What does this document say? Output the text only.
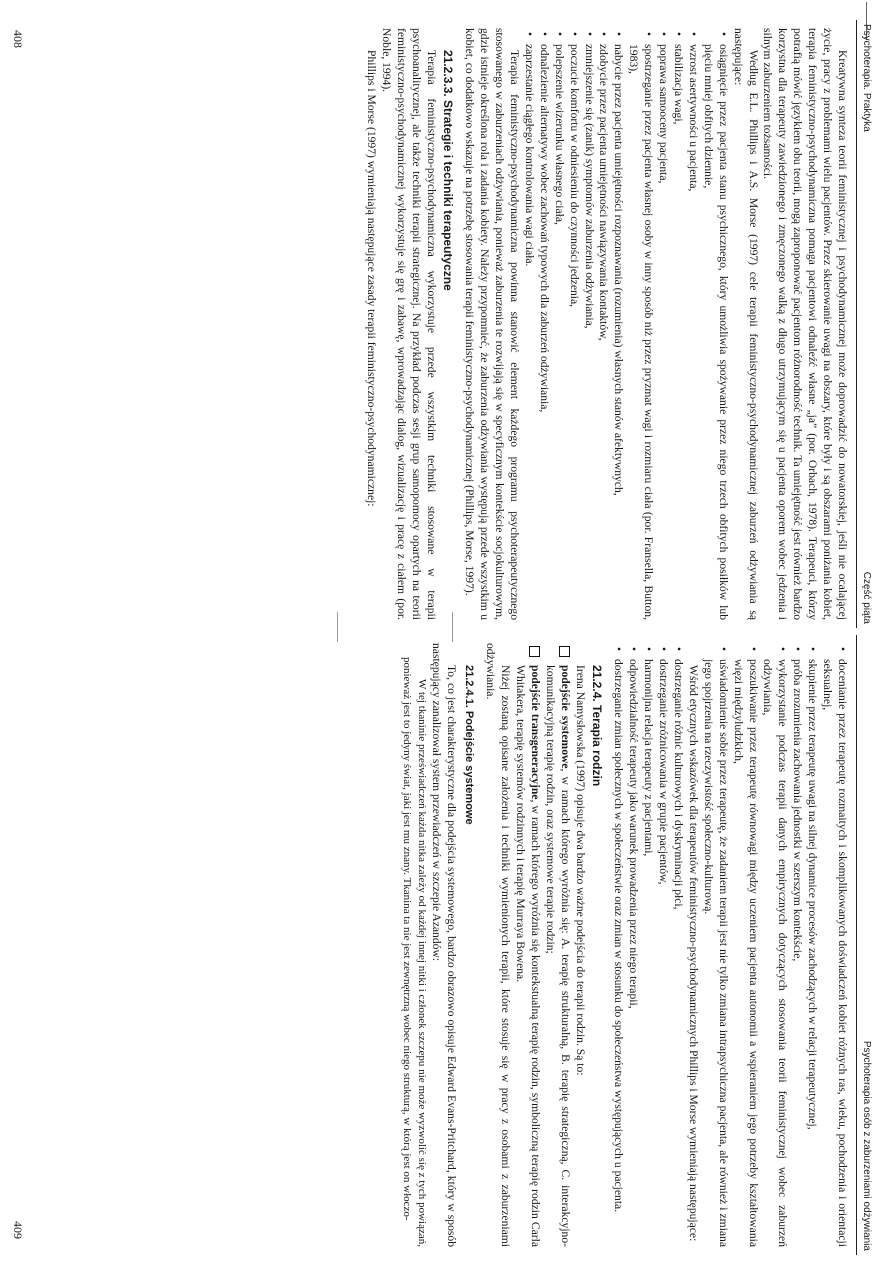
Psychoterapia. Praktyka
Część piąta

Kreatywna synteza teorii feministycznej i psychodynamicznej może doprowadzić do nowatorskiej, jeśli nie ocalającej życie, pracy z problemami wielu pacjentów. Przez skierowanie uwagi na obszary, które były i są obszarami poniżania kobiet, terapia feministyczno-psychodynamiczna pomaga pacjentowi odnaleźć własne „ja” (por. Orbach, 1978). Terapeuci, którzy potrafią mówić językiem obu teorii, mogą zaproponować pacjentom różnorodność technik. Ta umiejętność jest również bardzo korzystna dla terapeuty zawiedzionego i zmęczonego walką z długo utrzymującym się u pacjenta oporem wobec jedzenia i silnym zaburzeniem tożsamości.

Według E.L. Phillips i A.S. Morse (1997) cele terapii feministyczno-psychodynamicznej zaburzeń odżywiania są następujące:

• osiągnięcie przez pacjenta stanu psychicznego, który umożliwia spożywanie przez niego trzech obfitych posiłków lub pięciu mniej obfitych dziennie,
• wzrost asertywności u pacjenta,
• stabilizacja wagi,
• poprawa samooceny pacjenta,
• spostrzeganie przez pacjenta własnej osoby w inny sposób niż przez pryzmat wagi i rozmiaru ciała (por. Fransella, Button, 1983),
• nabycie przez pacjenta umiejętności rozpoznawania (rozumienia) własnych stanów afektywnych,
• zdobycie przez pacjenta umiejętności nawiązywania kontaktów,
• zmniejszenie się (zanik) symptomów zaburzenia odżywiania,
• poczucie komfortu w odniesieniu do czynności jedzenia,
• polepszenie wizerunku własnego ciała,
• odnalezienie alternatywy wobec zachowań typowych dla zaburzeń odżywiania,
• zaprzestanie ciągłego kontrolowania wagi ciała.

Terapia feministyczno-psychodynamiczna powinna stanowić element każdego programu psychoterapeutycznego stosowanego w zaburzeniach odżywiania, ponieważ zaburzenia te rozwijają się w specyficznym kontekście socjokulturowym, gdzie istnieje określona rola i zadania kobiety. Należy przypomnieć, że zaburzenia odżywiania występują przede wszystkim u kobiet, co dodatkowo wskazuje na potrzebę stosowania terapii feministyczno-psychodynamicznej (Phillips, Morse, 1997).

21.2.3.3. Strategie i techniki terapeutyczne

Terapia feministyczno-psychodynamiczna wykorzystuje przede wszystkim techniki stosowane w terapii psychoanalitycznej, ale także techniki terapii strategicznej. Na przykład podczas sesji grup samopomocy opartych na teorii feministyczno-psychodynamicznej wykorzystuje się grę i zabawę, wprowadzając dialog, wizualizację i pracę z ciałem (por. Noble, 1994).

Phillips i Morse (1997) wymieniają następujące zasady terapii feministyczno-psychodynamicznej:

408
Psychoterapia osób z zaburzeniami odżywiania
• docenianie przez terapeutę rozmaitych i skomplikowanych doświadczeń kobiet różnych ras, wieku, pochodzenia i orientacji seksualnej,
• skupienie przez terapeutę uwagi na silnej dynamice procesów zachodzących w relacji terapeutycznej,
• próba zrozumienia zachowania jednostki w szerszym kontekście,
• wykorzystanie podczas terapii danych empirycznych dotyczących stosowania teorii feministycznej wobec zaburzeń odżywiania,
• poszukiwanie przez terapeutę równowagi między uczeniem pacjenta autonomii a wspieraniem jego potrzeby kształtowania więzi międzyludzkich,
• uświadomienie sobie przez terapeutę, że zadaniem terapii jest nie tylko zmiana intrapsychiczna pacjenta, ale również i zmiana jego spojrzenia na rzeczywistość społeczno-kulturową.

Wśród etycznych wskazówek dla terapeutów feministyczno-psychodynamicznych Phillips i Morse wymieniają następujące:

• dostrzeganie różnic kulturowych i dyskryminacji płci,
• dostrzeganie zróżnicowania w grupie pacjentów,
• harmonijna relacja terapeuty z pacjentami,
• odpowiedzialność terapeuty jako warunek prowadzenia przez niego terapii,
• dostrzeganie zmian społecznych w społeczeństwie oraz zmian w stosunku do społeczeństwa występujących u pacjenta.
21.2.4. Terapia rodzin

Irena Namysłowska (1997) opisuje dwa bardzo ważne podejścia do terapii rodzin. Są to:

podejście systemowe, w ramach którego wyróżnia się: A. terapię strukturalną, B. terapię strategiczną, C. interakcyjno-komunikacyjną terapię rodzin, oraz systemowe terapie rodzin;
podejście transgeneracyjne, w ramach którego wyróżnia się kontekstualną terapię rodzin, symboliczną terapię rodzin Carla Whitakera, terapię systemów rodzinnych i terapię Murraya Bowena.

Niżej zostaną opisane założenia i techniki wymienionych terapii, które stosuje się w pracy z osobami z zaburzeniami odżywiania.

21.2.4.1. Podejście systemowe

To, co jest charakterystyczne dla podejścia systemowego, bardzo obrazowo opisuje Edward Evans-Pritchard, który w sposób następujący zanalizował system przewiadczeń w szczepie Azandów:

W tej tkaninie przeświadczeń każda nitka zależy od każdej innej nitki i członek szczepu nie może wyzwolić się z tych powiązań, ponieważ jest to jedyny świat, jaki jest mu znany. Tkanina ta nie jest zewnętrzną wobec niego strukturą, w którą jest on włoczo-

409
